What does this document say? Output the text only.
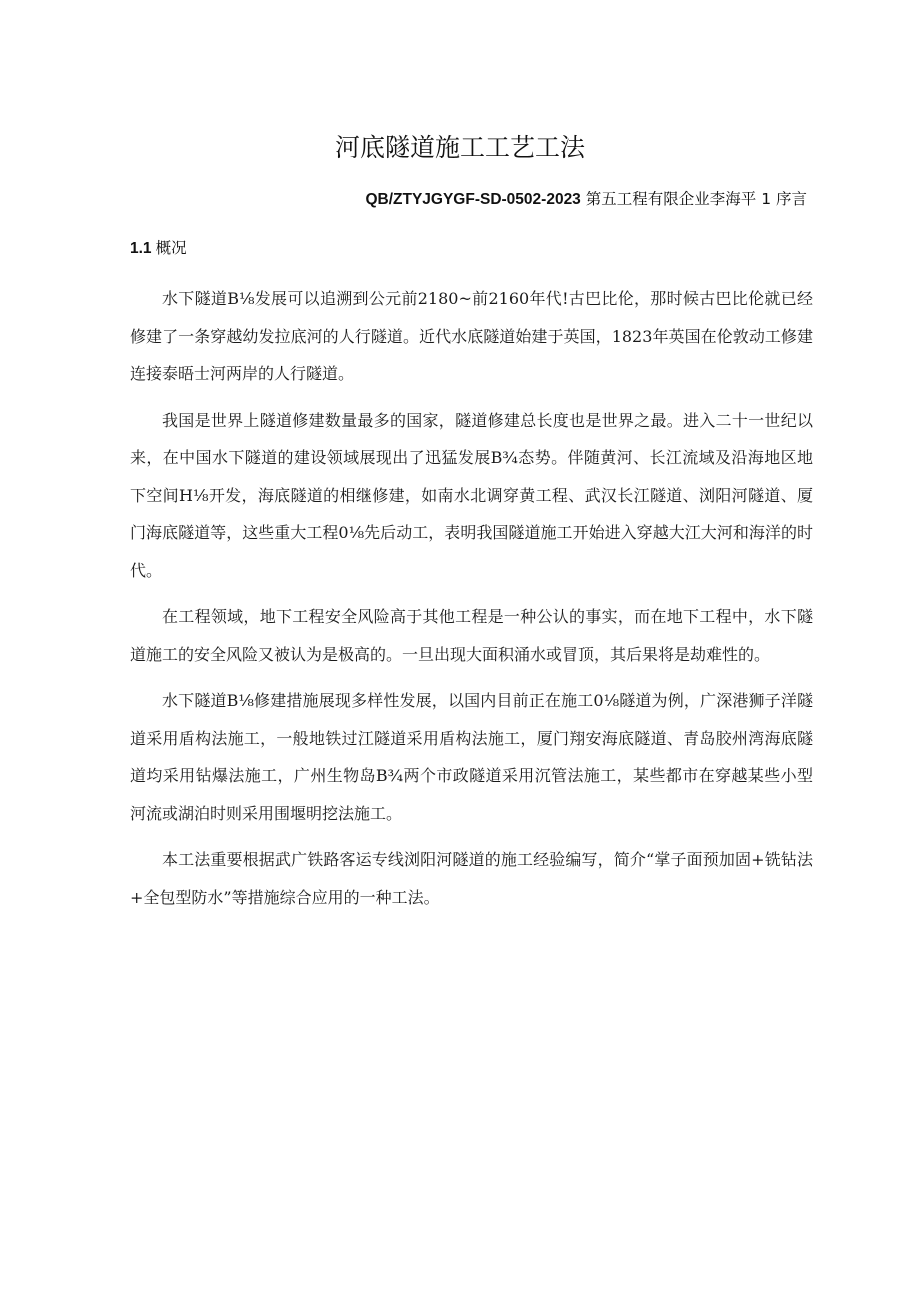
河底隧道施工工艺工法
QB/ZTYJGYGF-SD-0502-2023 第五工程有限企业李海平 1 序言
1.1 概况

水下隧道B⅛发展可以追溯到公元前2180~前2160年代!古巴比伦，那时候古巴比伦就已经修建了一条穿越幼发拉底河的人行隧道。近代水底隧道始建于英国，1823年英国在伦敦动工修建连接泰晤士河两岸的人行隧道。

我国是世界上隧道修建数量最多的国家，隧道修建总长度也是世界之最。进入二十一世纪以来，在中国水下隧道的建设领域展现出了迅猛发展B¾态势。伴随黄河、长江流域及沿海地区地下空间H⅛开发，海底隧道的相继修建，如南水北调穿黄工程、武汉长江隧道、浏阳河隧道、厦门海底隧道等，这些重大工程0⅛先后动工，表明我国隧道施工开始进入穿越大江大河和海洋的时代。

在工程领域，地下工程安全风险高于其他工程是一种公认的事实，而在地下工程中，水下隧道施工的安全风险又被认为是极高的。一旦出现大面积涌水或冒顶，其后果将是劫难性的。

水下隧道B⅛修建措施展现多样性发展，以国内目前正在施工0⅛隧道为例，广深港狮子洋隧道采用盾构法施工，一般地铁过江隧道采用盾构法施工，厦门翔安海底隧道、青岛胶州湾海底隧道均采用钻爆法施工，广州生物岛B¾两个市政隧道采用沉管法施工，某些都市在穿越某些小型河流或湖泊时则采用围堰明挖法施工。

本工法重要根据武广铁路客运专线浏阳河隧道的施工经验编写，简介“掌子面预加固+铣钻法+全包型防水”等措施综合应用的一种工法。
